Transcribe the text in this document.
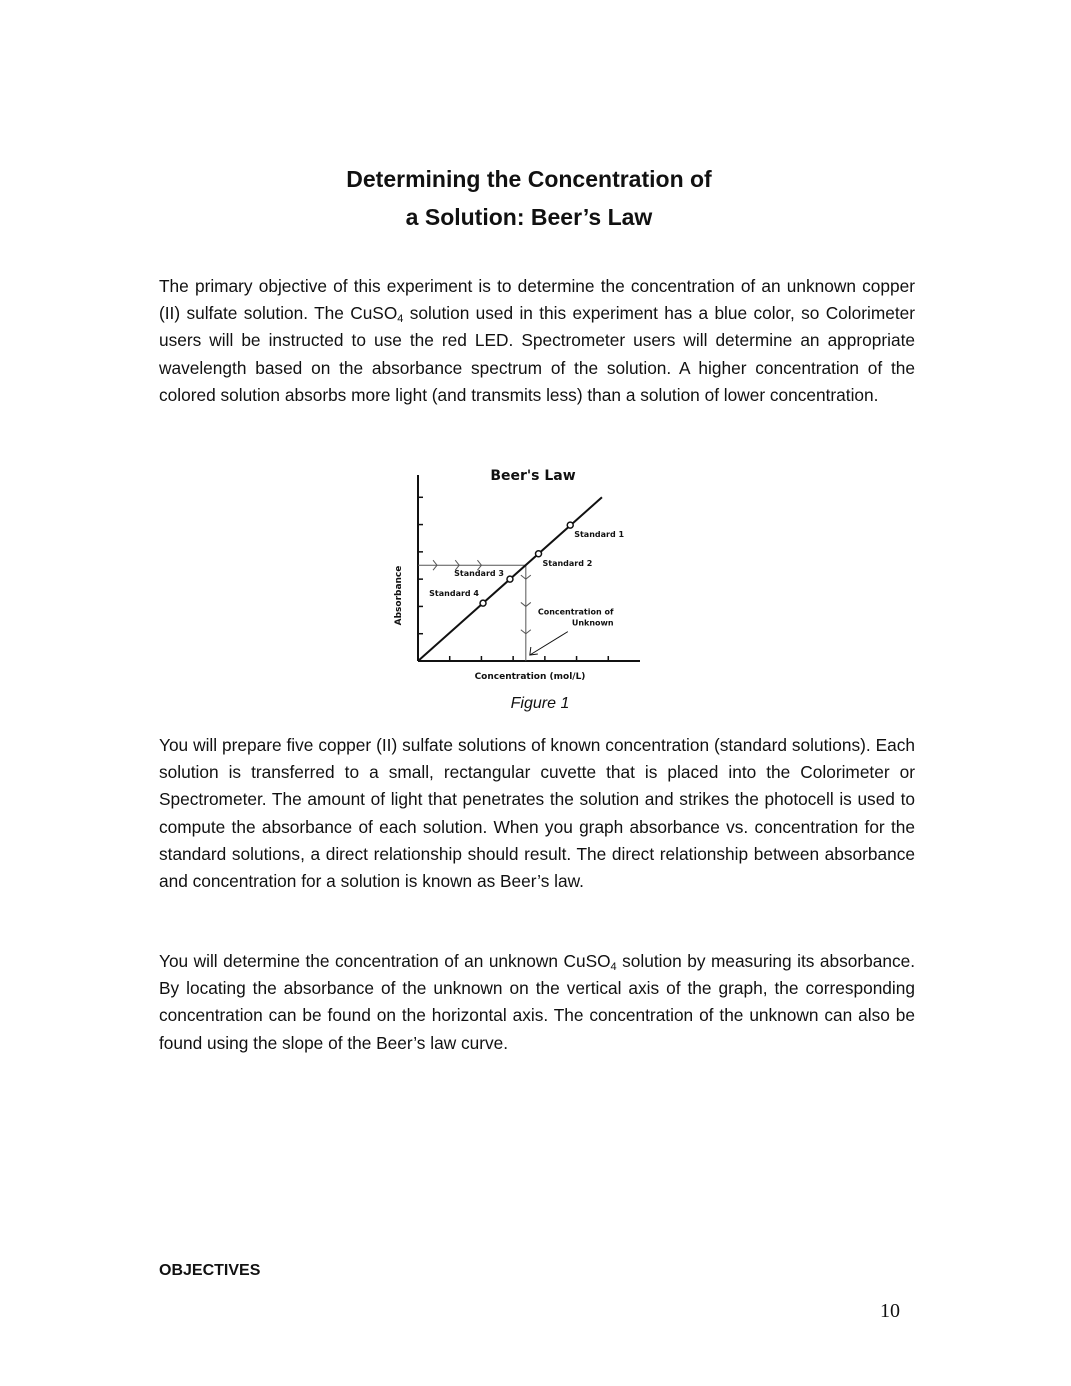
Determining the Concentration of
a Solution: Beer’s Law

The primary objective of this experiment is to determine the concentration of an unknown copper (II) sulfate solution. The CuSO$_4$ solution used in this experiment has a blue color, so Colorimeter users will be instructed to use the red LED. Spectrometer users will determine an appropriate wavelength based on the absorbance spectrum of the solution. A higher concentration of the colored solution absorbs more light (and transmits less) than a solution of lower concentration.

Beer's Law
Absorbance
Concentration (mol/L)
Standard 4
Standard 3
Standard 2
Standard 1
Concentration of
Unknown
Figure 1

You will prepare five copper (II) sulfate solutions of known concentration (standard solutions). Each solution is transferred to a small, rectangular cuvette that is placed into the Colorimeter or Spectrometer. The amount of light that penetrates the solution and strikes the photocell is used to compute the absorbance of each solution. When you graph absorbance vs. concentration for the standard solutions, a direct relationship should result. The direct relationship between absorbance and concentration for a solution is known as Beer’s law.

You will determine the concentration of an unknown CuSO$_4$ solution by measuring its absorbance. By locating the absorbance of the unknown on the vertical axis of the graph, the corresponding concentration can be found on the horizontal axis. The concentration of the unknown can also be found using the slope of the Beer’s law curve.

OBJECTIVES
10
